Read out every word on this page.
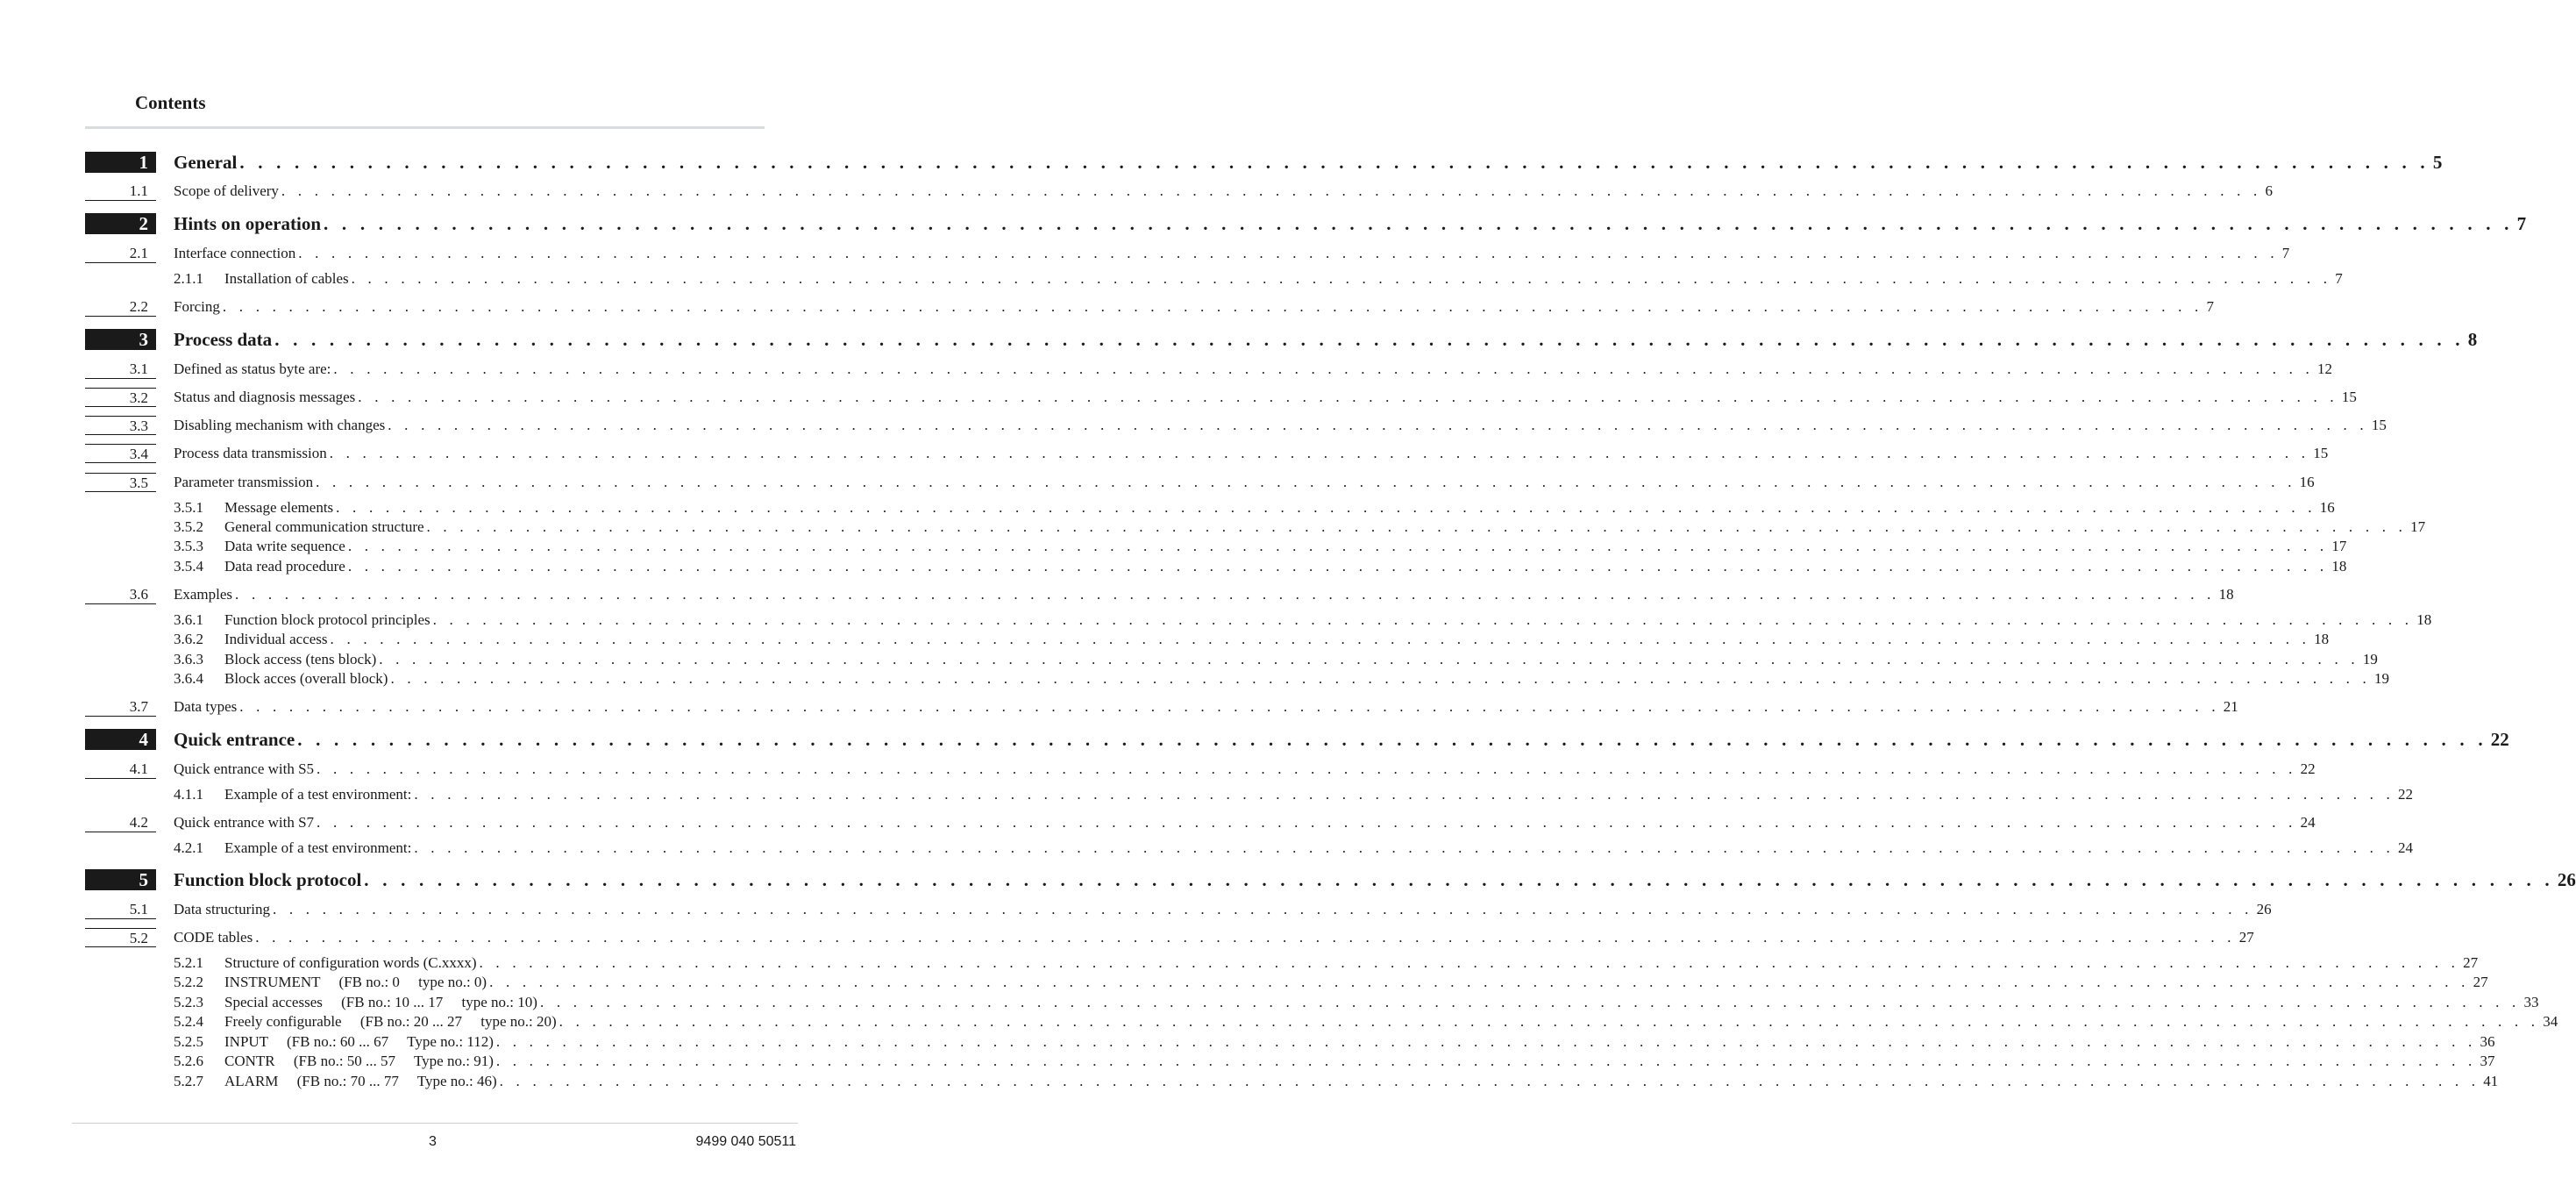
Contents
1	General . . . . . . . . . . . . . . . . . . . . . . . . . . . . . . . . . . . . . . . . . . . . . . . . . . . . . . . . . . . . . . . . . . . . . . . . . . . . . . . . . . . . . . . . . . . . . . . . . . . . . . . . . . . . . . . . . . . . . . . . 5
1.1	Scope of delivery . . . . . . . . . . . . . . . . . . . . . . . . . . . . . . . . . . . . . . . . . . . . . . . . . . . . . . . . . . . . . . . . . . . . . . . . . . . . . . . . . . . . . . . . . . . . . . . . . . . . . . . . . . . . . . . . . . . . . . . . 6
2	Hints on operation . . . . . . . . . . . . . . . . . . . . . . . . . . . . . . . . . . . . . . . . . . . . . . . . . . . . . . . . . . . . . . . . . . . . . . . . . . . . . . . . . . . . . . . . . . . . . . . . . . . . . . . . . . . . . . . . . . . . . . . . 7
2.1	Interface connection . . . . . . . . . . . . . . . . . . . . . . . . . . . . . . . . . . . . . . . . . . . . . . . . . . . . . . . . . . . . . . . . . . . . . . . . . . . . . . . . . . . . . . . . . . . . . . . . . . . . . . . . . . . . . . . . . . . . . . . . 7
2.1.1 Installation of cables . . . . . . . . . . . . . . . . . . . . . . . . . . . . . . . . . . . . . . . . . . . . . . . . . . . . . . . . . . . . . . . . . . . . . . . . . . . . . . . . . . . . . . . . . . . . . . . . . . . . . . . . . . . . . . . . . . . . . . . . 7
2.2	Forcing . . . . . . . . . . . . . . . . . . . . . . . . . . . . . . . . . . . . . . . . . . . . . . . . . . . . . . . . . . . . . . . . . . . . . . . . . . . . . . . . . . . . . . . . . . . . . . . . . . . . . . . . . . . . . . . . . . . . . . . . 7
3	Process data . . . . . . . . . . . . . . . . . . . . . . . . . . . . . . . . . . . . . . . . . . . . . . . . . . . . . . . . . . . . . . . . . . . . . . . . . . . . . . . . . . . . . . . . . . . . . . . . . . . . . . . . . . . . . . . . . . . . . . . . 8
3.1	Defined as status byte are: . . . . . . . . . . . . . . . . . . . . . . . . . . . . . . . . . . . . . . . . . . . . . . . . . . . . . . . . . . . . . . . . . . . . . . . . . . . . . . . . . . . . . . . . . . . . . . . . . . . . . . . . . . . . . . . . . . . . . . . . 12
3.2	Status and diagnosis messages . . . . . . . . . . . . . . . . . . . . . . . . . . . . . . . . . . . . . . . . . . . . . . . . . . . . . . . . . . . . . . . . . . . . . . . . . . . . . . . . . . . . . . . . . . . . . . . . . . . . . . . . . . . . . . . . . . . . . . . . 15
3.3	Disabling mechanism with changes . . . . . . . . . . . . . . . . . . . . . . . . . . . . . . . . . . . . . . . . . . . . . . . . . . . . . . . . . . . . . . . . . . . . . . . . . . . . . . . . . . . . . . . . . . . . . . . . . . . . . . . . . . . . . . . . . . . . . . . . 15
3.4	Process data transmission . . . . . . . . . . . . . . . . . . . . . . . . . . . . . . . . . . . . . . . . . . . . . . . . . . . . . . . . . . . . . . . . . . . . . . . . . . . . . . . . . . . . . . . . . . . . . . . . . . . . . . . . . . . . . . . . . . . . . . . . 15
3.5	Parameter transmission . . . . . . . . . . . . . . . . . . . . . . . . . . . . . . . . . . . . . . . . . . . . . . . . . . . . . . . . . . . . . . . . . . . . . . . . . . . . . . . . . . . . . . . . . . . . . . . . . . . . . . . . . . . . . . . . . . . . . . . . 16
3.5.1 Message elements . . . . . . . . . . . . . . . . . . . . . . . . . . . . . . . . . . . . . . . . . . . . . . . . . . . . . . . . . . . . . . . . . . . . . . . . . . . . . . . . . . . . . . . . . . . . . . . . . . . . . . . . . . . . . . . . . . . . . . . . 16
3.5.2 General communication structure . . . . . . . . . . . . . . . . . . . . . . . . . . . . . . . . . . . . . . . . . . . . . . . . . . . . . . . . . . . . . . . . . . . . . . . . . . . . . . . . . . . . . . . . . . . . . . . . . . . . . . . . . . . . . . . . . . . . . . . . 17
3.5.3 Data write sequence . . . . . . . . . . . . . . . . . . . . . . . . . . . . . . . . . . . . . . . . . . . . . . . . . . . . . . . . . . . . . . . . . . . . . . . . . . . . . . . . . . . . . . . . . . . . . . . . . . . . . . . . . . . . . . . . . . . . . . . . 17
3.5.4 Data read procedure . . . . . . . . . . . . . . . . . . . . . . . . . . . . . . . . . . . . . . . . . . . . . . . . . . . . . . . . . . . . . . . . . . . . . . . . . . . . . . . . . . . . . . . . . . . . . . . . . . . . . . . . . . . . . . . . . . . . . . . . 18
3.6	Examples . . . . . . . . . . . . . . . . . . . . . . . . . . . . . . . . . . . . . . . . . . . . . . . . . . . . . . . . . . . . . . . . . . . . . . . . . . . . . . . . . . . . . . . . . . . . . . . . . . . . . . . . . . . . . . . . . . . . . . . . 18
3.6.1 Function block protocol principles . . . . . . . . . . . . . . . . . . . . . . . . . . . . . . . . . . . . . . . . . . . . . . . . . . . . . . . . . . . . . . . . . . . . . . . . . . . . . . . . . . . . . . . . . . . . . . . . . . . . . . . . . . . . . . . . . . . . . . . . 18
3.6.2 Individual access . . . . . . . . . . . . . . . . . . . . . . . . . . . . . . . . . . . . . . . . . . . . . . . . . . . . . . . . . . . . . . . . . . . . . . . . . . . . . . . . . . . . . . . . . . . . . . . . . . . . . . . . . . . . . . . . . . . . . . . . 18
3.6.3 Block access (tens block) . . . . . . . . . . . . . . . . . . . . . . . . . . . . . . . . . . . . . . . . . . . . . . . . . . . . . . . . . . . . . . . . . . . . . . . . . . . . . . . . . . . . . . . . . . . . . . . . . . . . . . . . . . . . . . . . . . . . . . . . 19
3.6.4 Block acces (overall block) . . . . . . . . . . . . . . . . . . . . . . . . . . . . . . . . . . . . . . . . . . . . . . . . . . . . . . . . . . . . . . . . . . . . . . . . . . . . . . . . . . . . . . . . . . . . . . . . . . . . . . . . . . . . . . . . . . . . . . . . 19
3.7	Data types . . . . . . . . . . . . . . . . . . . . . . . . . . . . . . . . . . . . . . . . . . . . . . . . . . . . . . . . . . . . . . . . . . . . . . . . . . . . . . . . . . . . . . . . . . . . . . . . . . . . . . . . . . . . . . . . . . . . . . . . 21
4	Quick entrance . . . . . . . . . . . . . . . . . . . . . . . . . . . . . . . . . . . . . . . . . . . . . . . . . . . . . . . . . . . . . . . . . . . . . . . . . . . . . . . . . . . . . . . . . . . . . . . . . . . . . . . . . . . . . . . . . . . . . . . . 22
4.1	Quick entrance with S5 . . . . . . . . . . . . . . . . . . . . . . . . . . . . . . . . . . . . . . . . . . . . . . . . . . . . . . . . . . . . . . . . . . . . . . . . . . . . . . . . . . . . . . . . . . . . . . . . . . . . . . . . . . . . . . . . . . . . . . . . 22
4.1.1 Example of a test environment: . . . . . . . . . . . . . . . . . . . . . . . . . . . . . . . . . . . . . . . . . . . . . . . . . . . . . . . . . . . . . . . . . . . . . . . . . . . . . . . . . . . . . . . . . . . . . . . . . . . . . . . . . . . . . . . . . . . . . . . . 22
4.2	Quick entrance with S7 . . . . . . . . . . . . . . . . . . . . . . . . . . . . . . . . . . . . . . . . . . . . . . . . . . . . . . . . . . . . . . . . . . . . . . . . . . . . . . . . . . . . . . . . . . . . . . . . . . . . . . . . . . . . . . . . . . . . . . . . 24
4.2.1 Example of a test environment: . . . . . . . . . . . . . . . . . . . . . . . . . . . . . . . . . . . . . . . . . . . . . . . . . . . . . . . . . . . . . . . . . . . . . . . . . . . . . . . . . . . . . . . . . . . . . . . . . . . . . . . . . . . . . . . . . . . . . . . . 24
5	Function block protocol . . . . . . . . . . . . . . . . . . . . . . . . . . . . . . . . . . . . . . . . . . . . . . . . . . . . . . . . . . . . . . . . . . . . . . . . . . . . . . . . . . . . . . . . . . . . . . . . . . . . . . . . . . . . . . . . . . . . . . . . 26
5.1	Data structuring . . . . . . . . . . . . . . . . . . . . . . . . . . . . . . . . . . . . . . . . . . . . . . . . . . . . . . . . . . . . . . . . . . . . . . . . . . . . . . . . . . . . . . . . . . . . . . . . . . . . . . . . . . . . . . . . . . . . . . . . 26
5.2	CODE tables . . . . . . . . . . . . . . . . . . . . . . . . . . . . . . . . . . . . . . . . . . . . . . . . . . . . . . . . . . . . . . . . . . . . . . . . . . . . . . . . . . . . . . . . . . . . . . . . . . . . . . . . . . . . . . . . . . . . . . . . 27
5.2.1 Structure of configuration words (C.xxxx) . . . . . . . . . . . . . . . . . . . . . . . . . . . . . . . . . . . . . . . . . . . . . . . . . . . . . . . . . . . . . . . . . . . . . . . . . . . . . . . . . . . . . . . . . . . . . . . . . . . . . . . . . . . . . . . . . . . . . . . . 27
5.2.2 INSTRUMENT     (FB no.: 0     type no.: 0) . . . . . . . . . . . . . . . . . . . . . . . . . . . . . . . . . . . . . . . . . . . . . . . . . . . . . . . . . . . . . . . . . . . . . . . . . . . . . . . . . . . . . . . . . . . . . . . . . . . . . . . . . . . . . . . . . . . . . . . . 27
5.2.3 Special accesses     (FB no.: 10 ... 17     type no.: 10) . . . . . . . . . . . . . . . . . . . . . . . . . . . . . . . . . . . . . . . . . . . . . . . . . . . . . . . . . . . . . . . . . . . . . . . . . . . . . . . . . . . . . . . . . . . . . . . . . . . . . . . . . . . . . . . . . . . . . . . . 33
5.2.4 Freely configurable     (FB no.: 20 ... 27     type no.: 20) . . . . . . . . . . . . . . . . . . . . . . . . . . . . . . . . . . . . . . . . . . . . . . . . . . . . . . . . . . . . . . . . . . . . . . . . . . . . . . . . . . . . . . . . . . . . . . . . . . . . . . . . . . . . . . . . . . . . . . . . 34
5.2.5 INPUT     (FB no.: 60 ... 67     Type no.: 112) . . . . . . . . . . . . . . . . . . . . . . . . . . . . . . . . . . . . . . . . . . . . . . . . . . . . . . . . . . . . . . . . . . . . . . . . . . . . . . . . . . . . . . . . . . . . . . . . . . . . . . . . . . . . . . . . . . . . . . . . 36
5.2.6 CONTR     (FB no.: 50 ... 57     Type no.: 91) . . . . . . . . . . . . . . . . . . . . . . . . . . . . . . . . . . . . . . . . . . . . . . . . . . . . . . . . . . . . . . . . . . . . . . . . . . . . . . . . . . . . . . . . . . . . . . . . . . . . . . . . . . . . . . . . . . . . . . . . 37
5.2.7 ALARM     (FB no.: 70 ... 77     Type no.: 46) . . . . . . . . . . . . . . . . . . . . . . . . . . . . . . . . . . . . . . . . . . . . . . . . . . . . . . . . . . . . . . . . . . . . . . . . . . . . . . . . . . . . . . . . . . . . . . . . . . . . . . . . . . . . . . . . . . . . . . . . 41
3	9499 040 50511
